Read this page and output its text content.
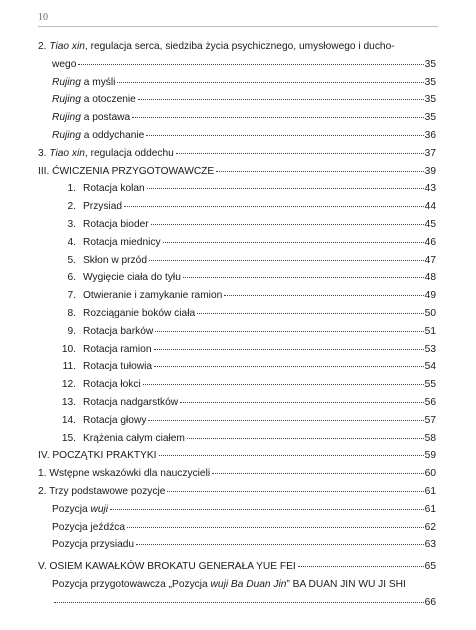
10
2. Tiao xin, regulacja serca, siedziba życia psychicznego, umysłowego i ducho-
wego	35
Rujing a myśli	35
Rujing a otoczenie	35
Rujing a postawa	35
Rujing a oddychanie	36
3. Tiao xin, regulacja oddechu	37
III. ĆWICZENIA PRZYGOTOWAWCZE	39
1. Rotacja kolan	43
2. Przysiad	44
3. Rotacja bioder	45
4. Rotacja miednicy	46
5. Skłon w przód	47
6. Wygięcie ciała do tyłu	48
7. Otwieranie i zamykanie ramion	49
8. Rozciąganie boków ciała	50
9. Rotacja barków	51
10. Rotacja ramion	53
11. Rotacja tułowia	54
12. Rotacja łokci	55
13. Rotacja nadgarstków	56
14. Rotacja głowy	57
15. Krążenia całym ciałem	58
IV. POCZĄTKI PRAKTYKI	59
1. Wstępne wskazówki dla nauczycieli	60
2. Trzy podstawowe pozycje	61
Pozycja wuji	61
Pozycja jeźdźca	62
Pozycja przysiadu	63
V. OSIEM KAWAŁKÓW BROKATU GENERAŁA YUE FEI	65
Pozycja przygotowawcza „Pozycja wuji Ba Duan Jin” BA DUAN JIN WU JI SHI
66
